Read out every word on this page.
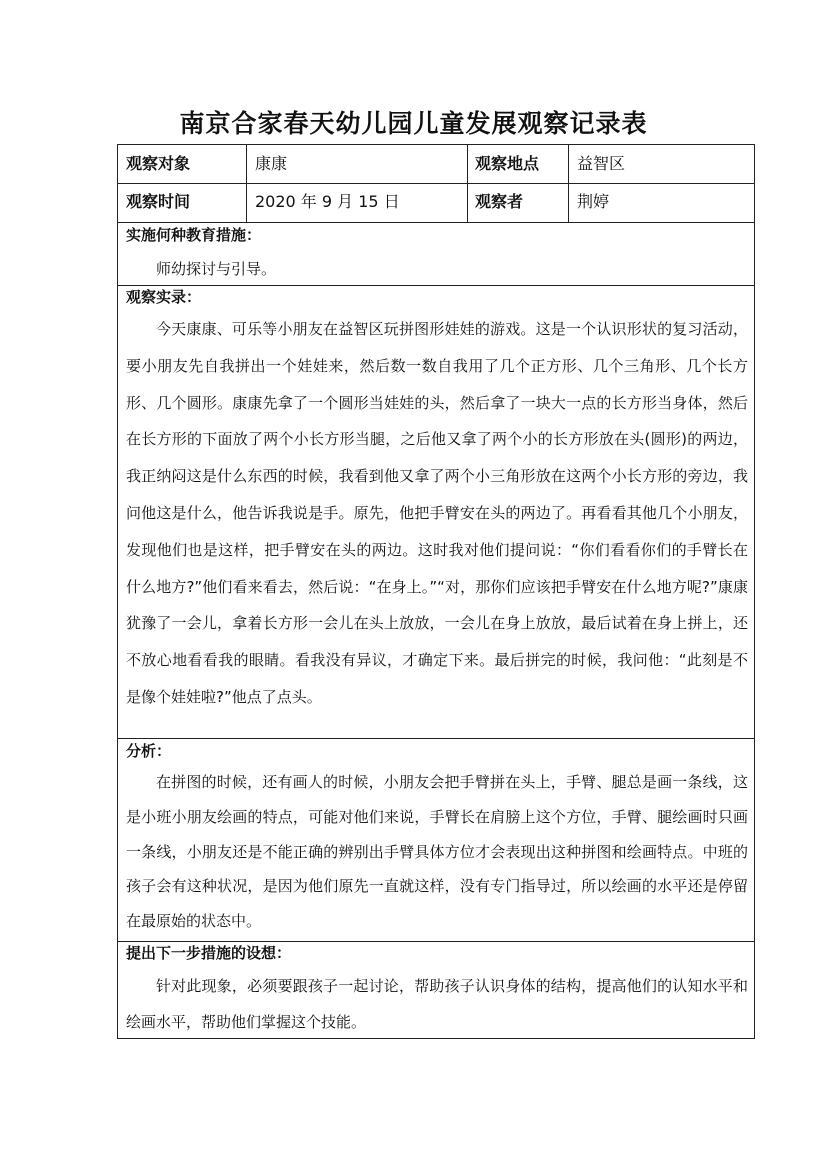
南京合家春天幼儿园儿童发展观察记录表
观察对象	康康	观察地点 益智区
观察时间	2020 年 9 月 15 日	观察者	荆婷
实施何种教育措施：

师幼探讨与引导。

观察实录：

今天康康、可乐等小朋友在益智区玩拼图形娃娃的游戏。这是一个认识形状的复习活动，要小朋友先自我拼出一个娃娃来，然后数一数自我用了几个正方形、几个三角形、几个长方形、几个圆形。康康先拿了一个圆形当娃娃的头，然后拿了一块大一点的长方形当身体，然后在长方形的下面放了两个小长方形当腿，之后他又拿了两个小的长方形放在头(圆形)的两边，我正纳闷这是什么东西的时候，我看到他又拿了两个小三角形放在这两个小长方形的旁边，我问他这是什么，他告诉我说是手。原先，他把手臂安在头的两边了。再看看其他几个小朋友，发现他们也是这样，把手臂安在头的两边。这时我对他们提问说：“你们看看你们的手臂长在什么地方?”他们看来看去，然后说：“在身上。”“对，那你们应该把手臂安在什么地方呢?”康康犹豫了一会儿，拿着长方形一会儿在头上放放，一会儿在身上放放，最后试着在身上拼上，还不放心地看看我的眼睛。看我没有异议，才确定下来。最后拼完的时候，我问他：“此刻是不是像个娃娃啦?”他点了点头。

分析：

在拼图的时候，还有画人的时候，小朋友会把手臂拼在头上，手臂、腿总是画一条线，这是小班小朋友绘画的特点，可能对他们来说，手臂长在肩膀上这个方位，手臂、腿绘画时只画一条线，小朋友还是不能正确的辨别出手臂具体方位才会表现出这种拼图和绘画特点。中班的孩子会有这种状况，是因为他们原先一直就这样，没有专门指导过，所以绘画的水平还是停留在最原始的状态中。

提出下一步措施的设想：

针对此现象，必须要跟孩子一起讨论，帮助孩子认识身体的结构，提高他们的认知水平和绘画水平，帮助他们掌握这个技能。
